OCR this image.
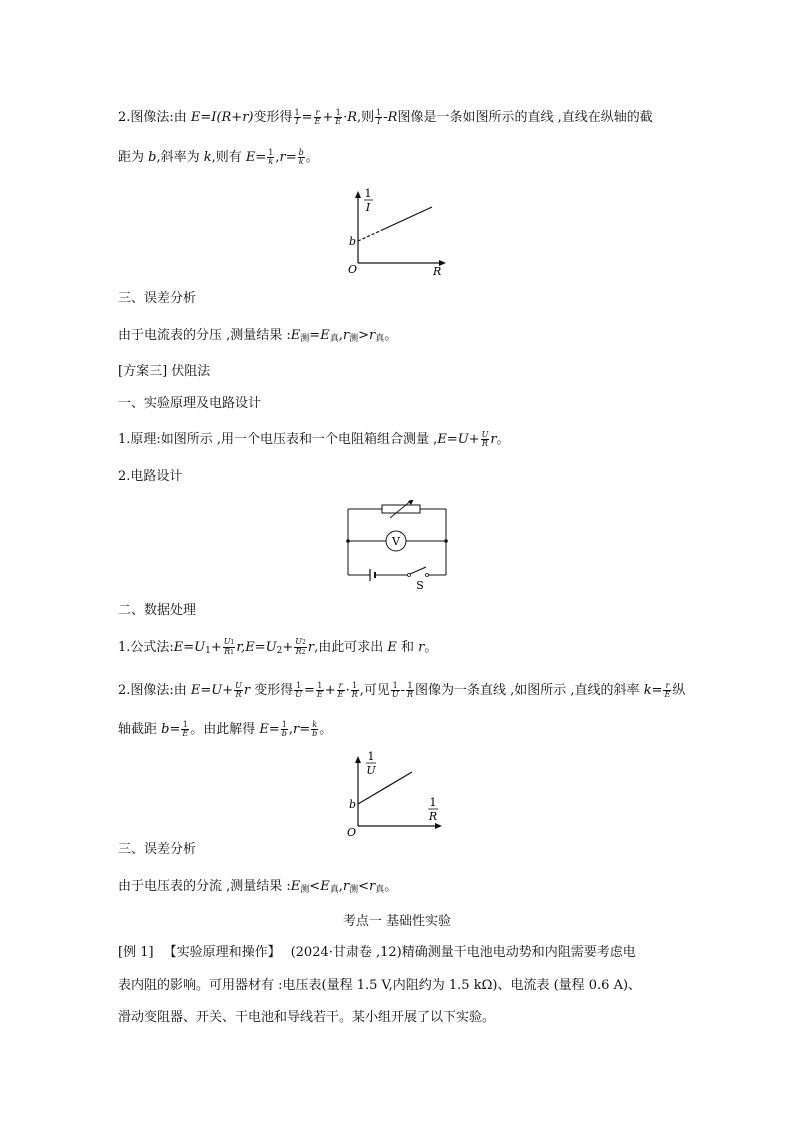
2.图像法:由 E=I(R+r)变形得 $\frac{1}{I} = \frac{r}{E} + \frac{1}{E} \cdot R$,则 $\frac{1}{I} -R$图像是一条如图所示的直线 ,直线在纵轴的截
距为 b,斜率为 k,则有 $E= \frac{1}{k} ,r= \frac{b}{k}$ 。
1
I
b
O	R
三、误差分析
由于电流表的分压 ,测量结果 $:E_测=E_真,r_测>r_真$。
[方案三] 伏阻法
一、实验原理及电路设计
1.原理:如图所示 ,用一个电压表和一个电阻箱组合测量 $,E=U+ \frac{U}{R}$ r。
2.电路设计
V
S
二、数据处理
1.公式法$:E=U_1+ \frac{U1}{R1} r,E=U_2+ \frac{U2}{R2} r$,由此可求出 E 和 r。
2.图像法:由 $E=U+ \frac{U}{R}$ r 变形得 $\frac{1}{U} = \frac{1}{E} + \frac{r}{E} \cdot \frac{1}{R}$ ,可见 $\frac{1}{U} - \frac{1}{R}$ 图像为一条直线 ,如图所示 ,直线的斜率 $k= \frac{r}{E}$ 纵
轴截距 $b= \frac{1}{E}$ 。由此解得 $E= \frac{1}{b} ,r= \frac{k}{b}$ 。
1
U
b
O
1
R
三、误差分析
由于电压表的分流 ,测量结果 $:E_测<E_真,r_测<r_真$。
考点一 基础性实验
[例 1] 【实验原理和操作】 (2024·甘肃卷 ,12)精确测量干电池电动势和内阻需要考虑电
表内阻的影响。可用器材有 :电压表(量程 1.5 V,内阻约为 1.5 kΩ)、电流表 (量程 0.6 A)、
滑动变阻器、开关、干电池和导线若干。某小组开展了以下实验。
